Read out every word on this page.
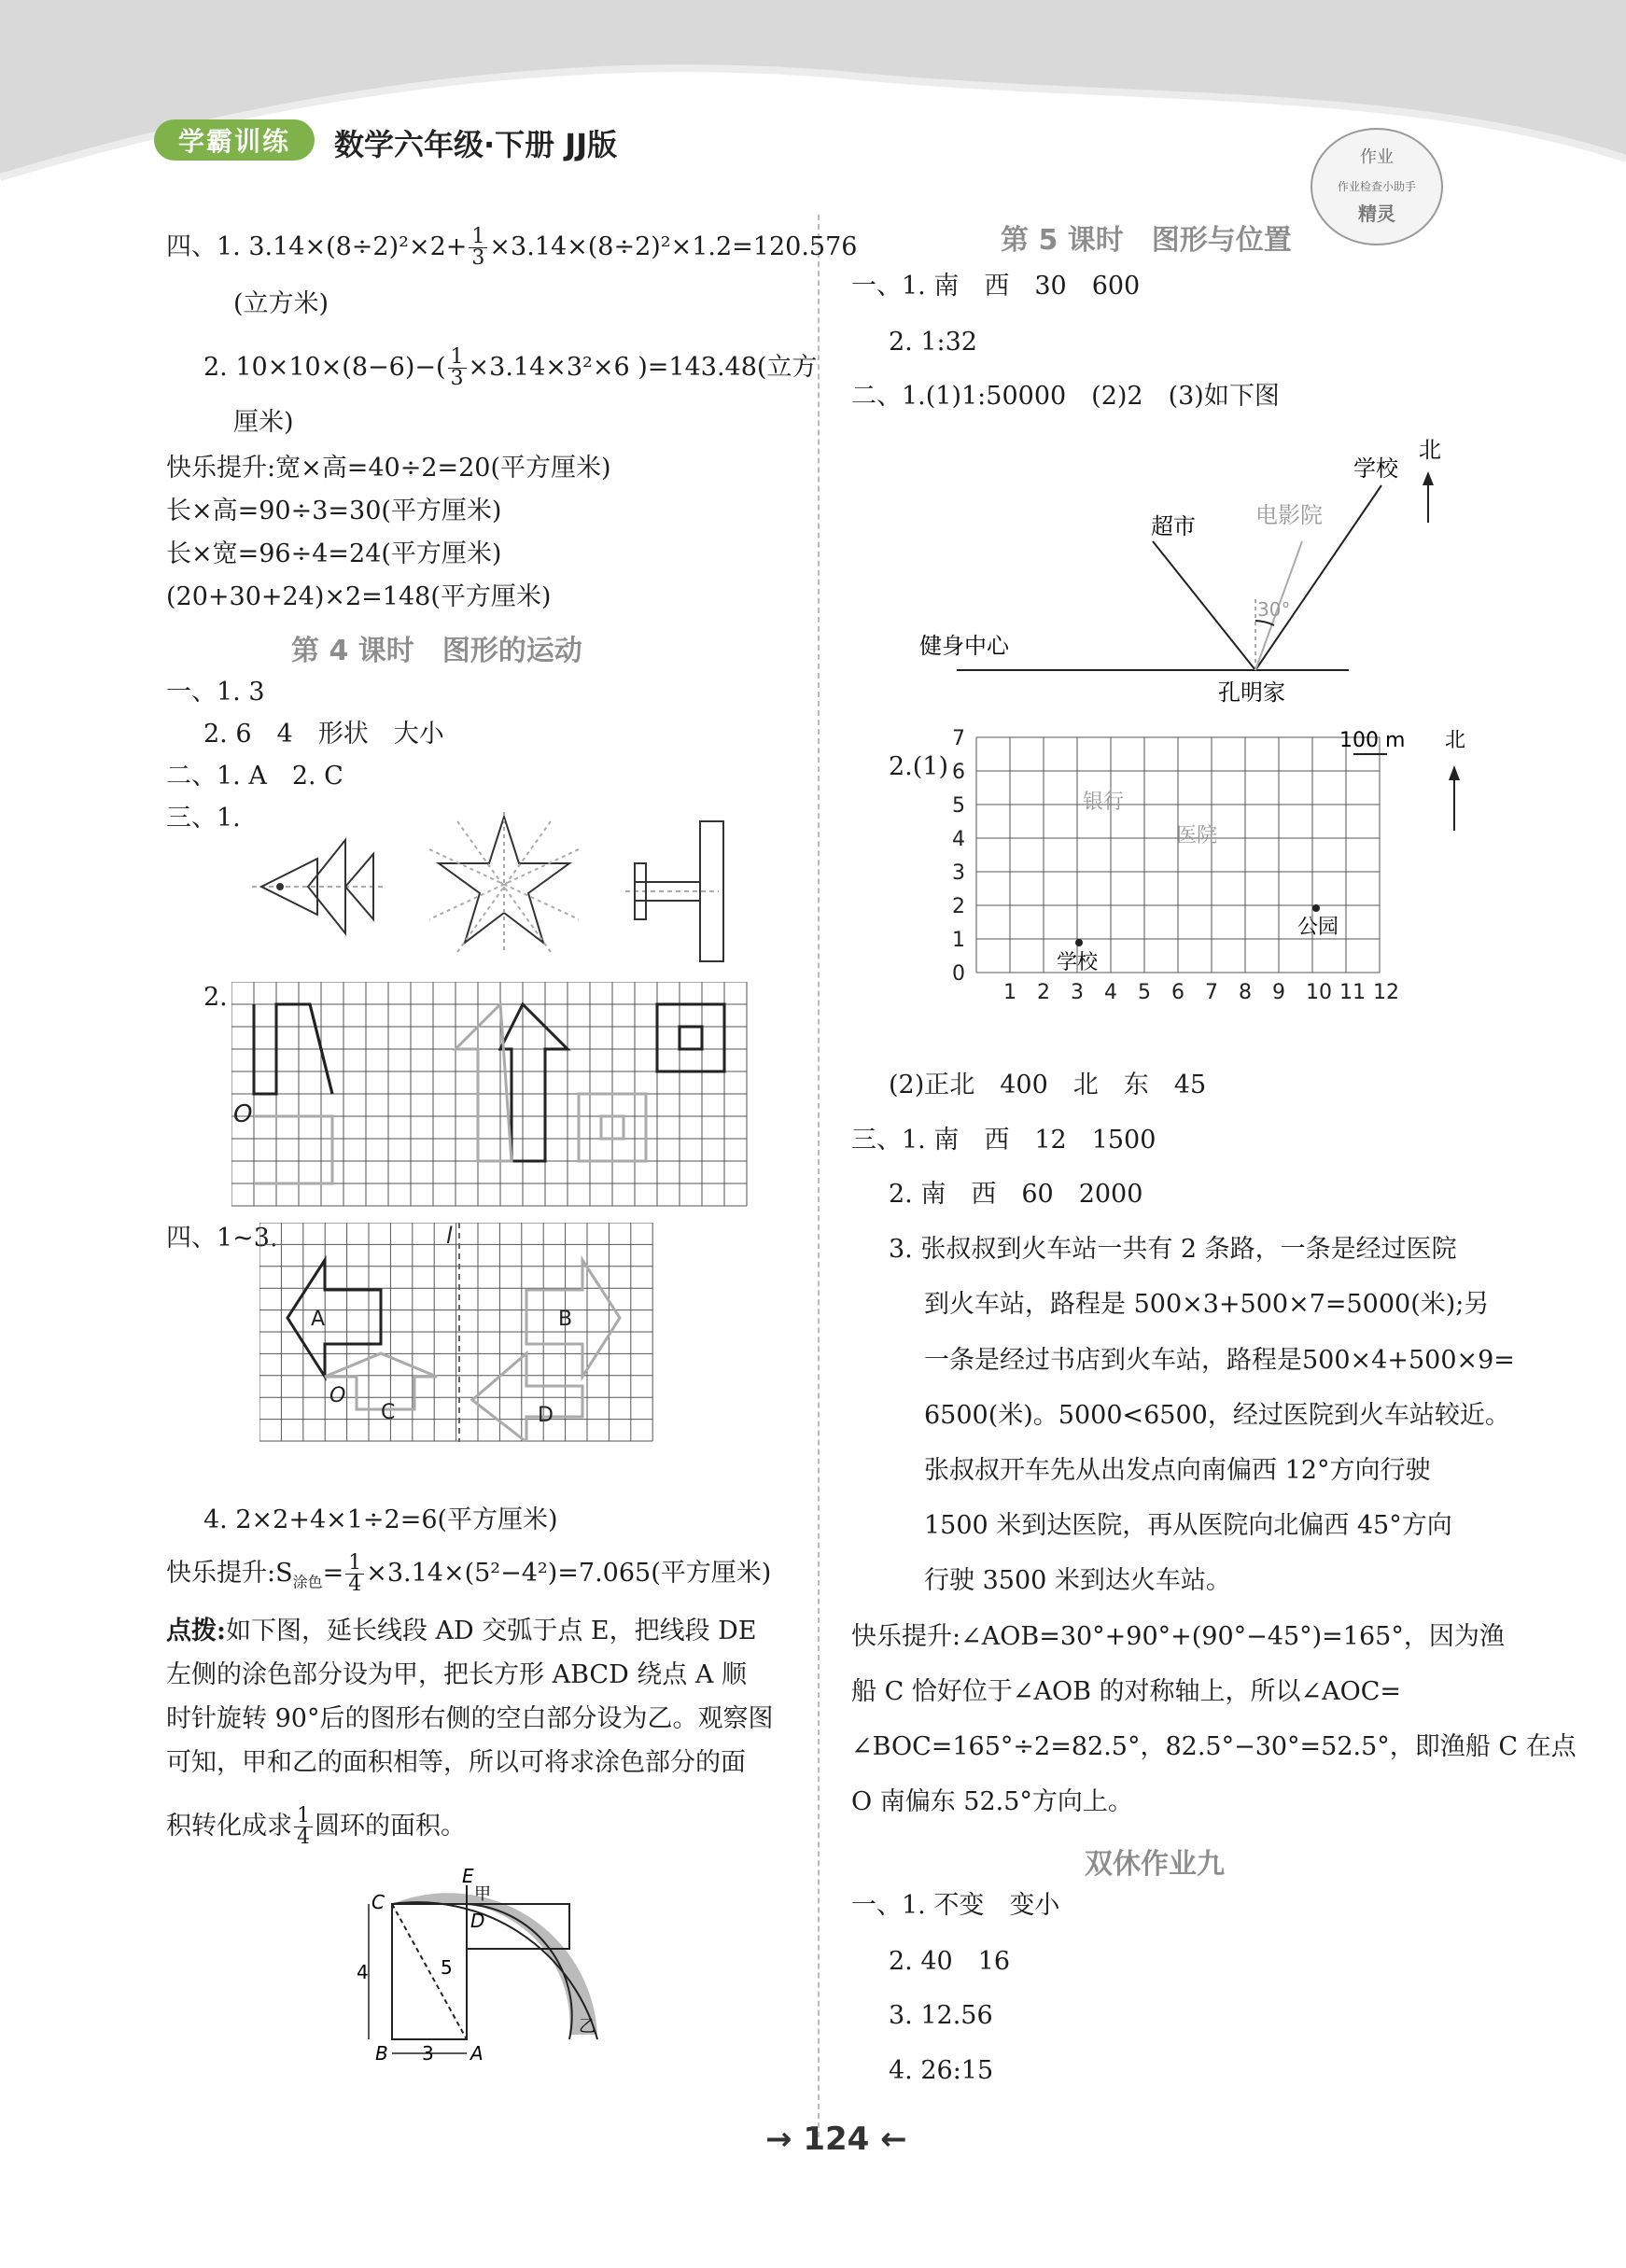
学霸训练	数学六年级·下册 JJ版	作业
作业检查小助手
精灵
四、1. $3.14\times(8\div 2)^2\times 2+ \frac{1}{3} \times 3.14\times(8\div 2)^2\times 1.2=120.576$
(立方米)
2. $10\times 10\times(8-6)-( \frac{1}{3} \times 3.14\times 3^2\times 6$ )=143.48(立方
厘米)
快乐提升:宽×高=40÷2=20(平方厘米)
长×高=90÷3=30(平方厘米)
长×宽=96÷4=24(平方厘米)
(20+30+24)×2=148(平方厘米)
第 4 课时　图形的运动
一、1. 3
2. 6　4　形状　大小
二、1. A　2. C
三、1.
2.
O
四、1~3.	l
A	B
C	D
O
4. 2×2+4×1÷2=6(平方厘米)
快乐提升$:S_{涂色}= \frac{1}{4} \times 3.14\times(5^2-4^2)=7.065$(平方厘米)
点拨:如下图，延长线段 AD 交弧于点 E，把线段 DE
左侧的涂色部分设为甲，把长方形 ABCD 绕点 A 顺
时针旋转 90°后的图形右侧的空白部分设为乙。观察图
可知，甲和乙的面积相等，所以可将求涂色部分的面
积转化成求 $\frac{1}{4}$ 圆环的面积。
C
E
甲
D
5
4
乙
B 3 A
第 5 课时　图形与位置
一、1. 南　西　30　600
2. 1:32
二、1.(1)1:50000　(2)2　(3)如下图
学校
北
超市	电影院
30°
健身中心
孔明家
2.(1)
1 2 3 4 5 6 7 8 9 10 11 12
0
1
2
3
4
5
6
7	100 m 北
银行
医院
公园
学校
(2)正北　400　北　东　45
三、1. 南　西　12　1500
2. 南　西　60　2000
3. 张叔叔到火车站一共有 2 条路，一条是经过医院
到火车站，路程是 500×3+500×7=5000(米);另
一条是经过书店到火车站，路程是500×4+500×9=
6500(米)。5000<6500，经过医院到火车站较近。
张叔叔开车先从出发点向南偏西 12°方向行驶
1500 米到达医院，再从医院向北偏西 45°方向
行驶 3500 米到达火车站。
快乐提升:∠AOB=30°+90°+(90°−45°)=165°，因为渔
船 C 恰好位于∠AOB 的对称轴上，所以∠AOC=
∠BOC=165°÷2=82.5°，82.5°−30°=52.5°，即渔船 C 在点
O 南偏东 52.5°方向上。
双休作业九
一、1. 不变　变小
2. 40　16
3. 12.56
4. 26:15
→ 124 ←
